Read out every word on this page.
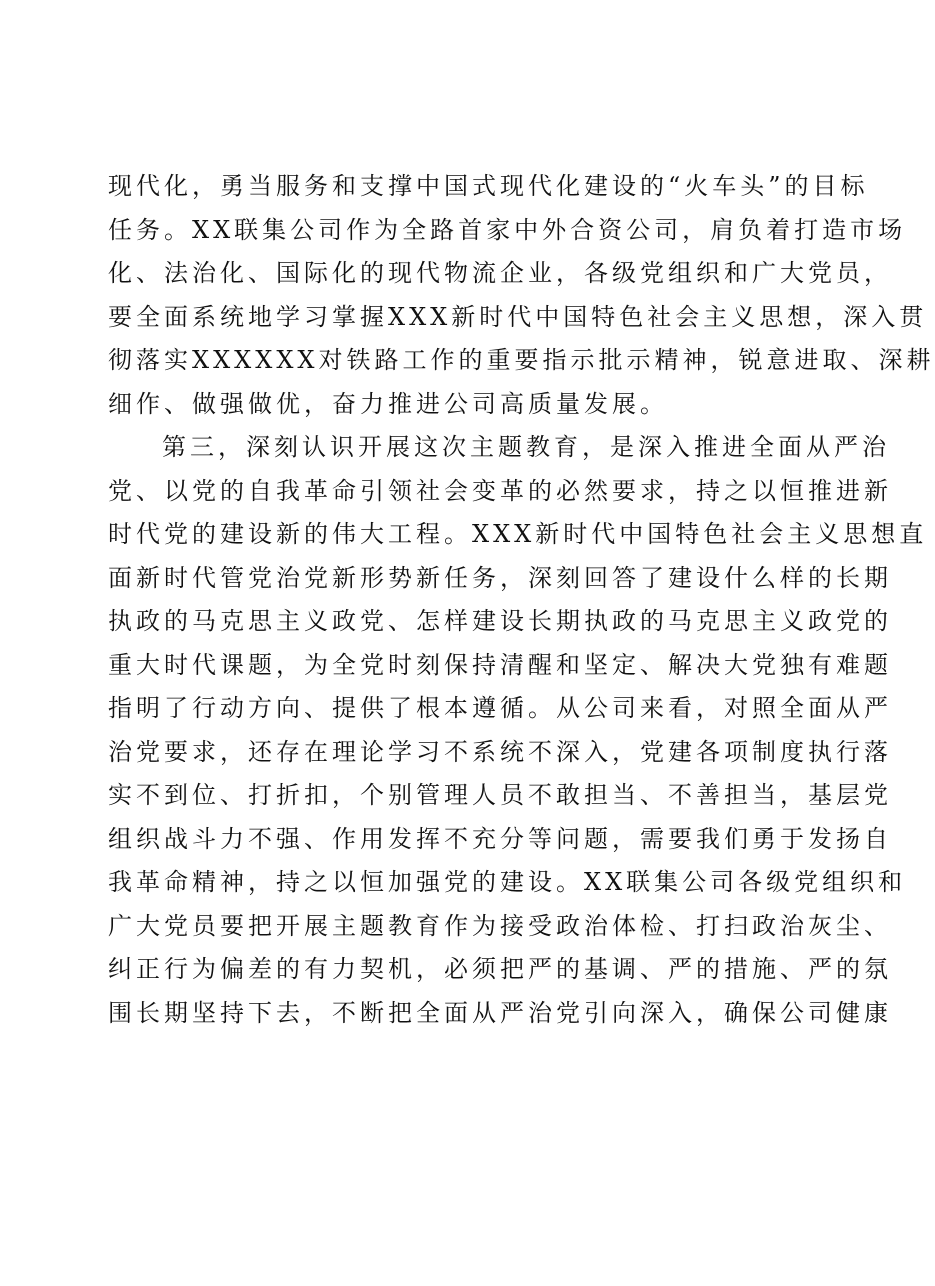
现代化，勇当服务和支撑中国式现代化建设的“火车头”的目标
任务。XX联集公司作为全路首家中外合资公司，肩负着打造市场
化、法治化、国际化的现代物流企业，各级党组织和广大党员，
要全面系统地学习掌握XXX新时代中国特色社会主义思想，深入贯
彻落实XXXXXX对铁路工作的重要指示批示精神，锐意进取、深耕
细作、做强做优，奋力推进公司高质量发展。
第三，深刻认识开展这次主题教育，是深入推进全面从严治
党、以党的自我革命引领社会变革的必然要求，持之以恒推进新
时代党的建设新的伟大工程。XXX新时代中国特色社会主义思想直
面新时代管党治党新形势新任务，深刻回答了建设什么样的长期
执政的马克思主义政党、怎样建设长期执政的马克思主义政党的
重大时代课题，为全党时刻保持清醒和坚定、解决大党独有难题
指明了行动方向、提供了根本遵循。从公司来看，对照全面从严
治党要求，还存在理论学习不系统不深入，党建各项制度执行落
实不到位、打折扣，个别管理人员不敢担当、不善担当，基层党
组织战斗力不强、作用发挥不充分等问题，需要我们勇于发扬自
我革命精神，持之以恒加强党的建设。XX联集公司各级党组织和
广大党员要把开展主题教育作为接受政治体检、打扫政治灰尘、
纠正行为偏差的有力契机，必须把严的基调、严的措施、严的氛
围长期坚持下去，不断把全面从严治党引向深入，确保公司健康
